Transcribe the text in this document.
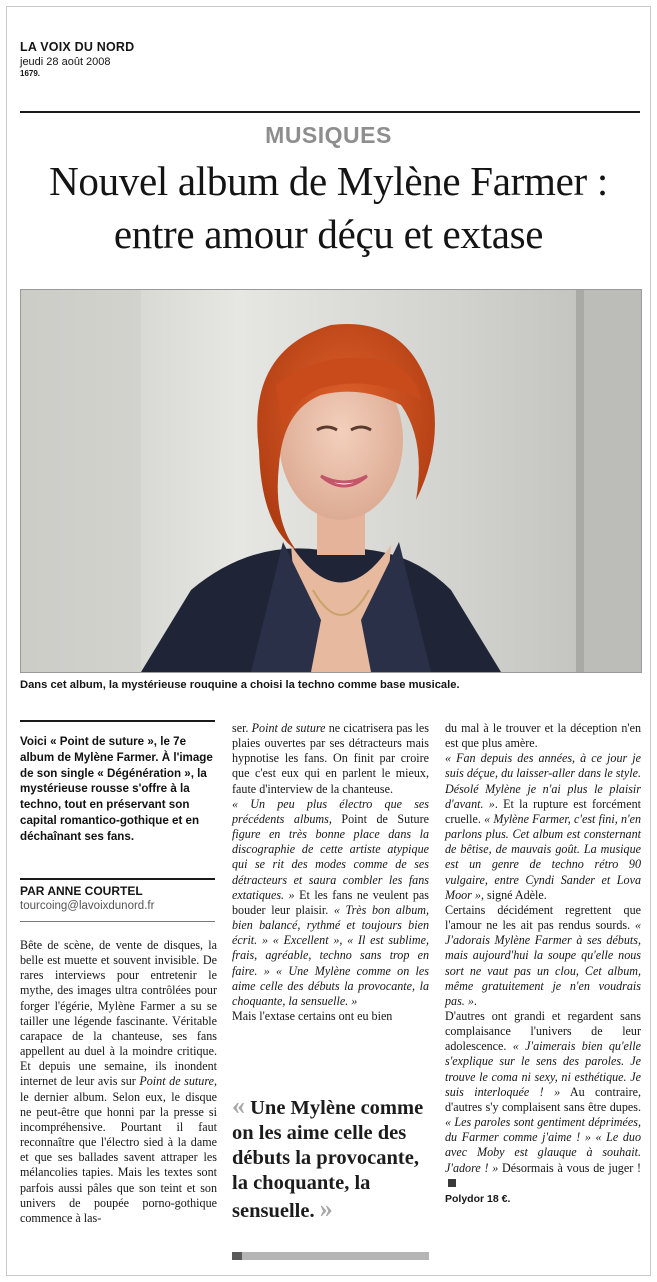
LA VOIX DU NORD
jeudi 28 août 2008
1679.
MUSIQUES
Nouvel album de Mylène Farmer :
entre amour déçu et extase
Dans cet album, la mystérieuse rouquine a choisi la techno comme base musicale.
Voici « Point de suture », le 7e album de Mylène Farmer. À l'image de son single « Dégénération », la mystérieuse rousse s'offre à la techno, tout en préservant son capital romantico-gothique et en déchaînant ses fans.
PAR ANNE COURTEL
tourcoing@lavoixdunord.fr

Bête de scène, de vente de disques, la belle est muette et souvent invisible. De rares interviews pour entretenir le mythe, des images ultra contrôlées pour forger l'égérie, Mylène Farmer a su se tailler une légende fascinante. Véritable carapace de la chanteuse, ses fans appellent au duel à la moindre critique. Et depuis une semaine, ils inondent internet de leur avis sur Point de suture, le dernier album. Selon eux, le disque ne peut-être que honni par la presse si incompréhensive. Pourtant il faut reconnaître que l'électro sied à la dame et que ses ballades savent attraper les mélancolies tapies. Mais les textes sont parfois aussi pâles que son teint et son univers de poupée porno-gothique commence à las-

ser. Point de suture ne cicatrisera pas les plaies ouvertes par ses détracteurs mais hypnotise les fans. On finit par croire que c'est eux qui en parlent le mieux, faute d'interview de la chanteuse.

« Un peu plus électro que ses précédents albums, Point de Suture figure en très bonne place dans la discographie de cette artiste atypique qui se rit des modes comme de ses détracteurs et saura combler les fans extatiques. » Et les fans ne veulent pas bouder leur plaisir. « Très bon album, bien balancé, rythmé et toujours bien écrit. » « Excellent », « Il est sublime, frais, agréable, techno sans trop en faire. » « Une Mylène comme on les aime celle des débuts la provocante, la choquante, la sensuelle. »

Mais l'extase certains ont eu bien

« Une Mylène comme on les aime celle des débuts la provocante, la choquante, la sensuelle. »

du mal à le trouver et la déception n'en est que plus amère.

« Fan depuis des années, à ce jour je suis déçue, du laisser-aller dans le style. Désolé Mylène je n'ai plus le plaisir d'avant. ». Et la rupture est forcément cruelle. « Mylène Farmer, c'est fini, n'en parlons plus. Cet album est consternant de bêtise, de mauvais goût. La musique est un genre de techno rétro 90 vulgaire, entre Cyndi Sander et Lova Moor », signé Adèle.

Certains décidément regrettent que l'amour ne les ait pas rendus sourds. « J'adorais Mylène Farmer à ses débuts, mais aujourd'hui la soupe qu'elle nous sort ne vaut pas un clou, Cet album, même gratuitement je n'en voudrais pas. ».

D'autres ont grandi et regardent sans complaisance l'univers de leur adolescence. « J'aimerais bien qu'elle s'explique sur le sens des paroles. Je trouve le coma ni sexy, ni esthétique. Je suis interloquée ! » Au contraire, d'autres s'y complaisent sans être dupes. « Les paroles sont gentiment déprimées, du Farmer comme j'aime ! » « Le duo avec Moby est glauque à souhait. J'adore ! » Désormais à vous de juger !

Polydor 18 €.
